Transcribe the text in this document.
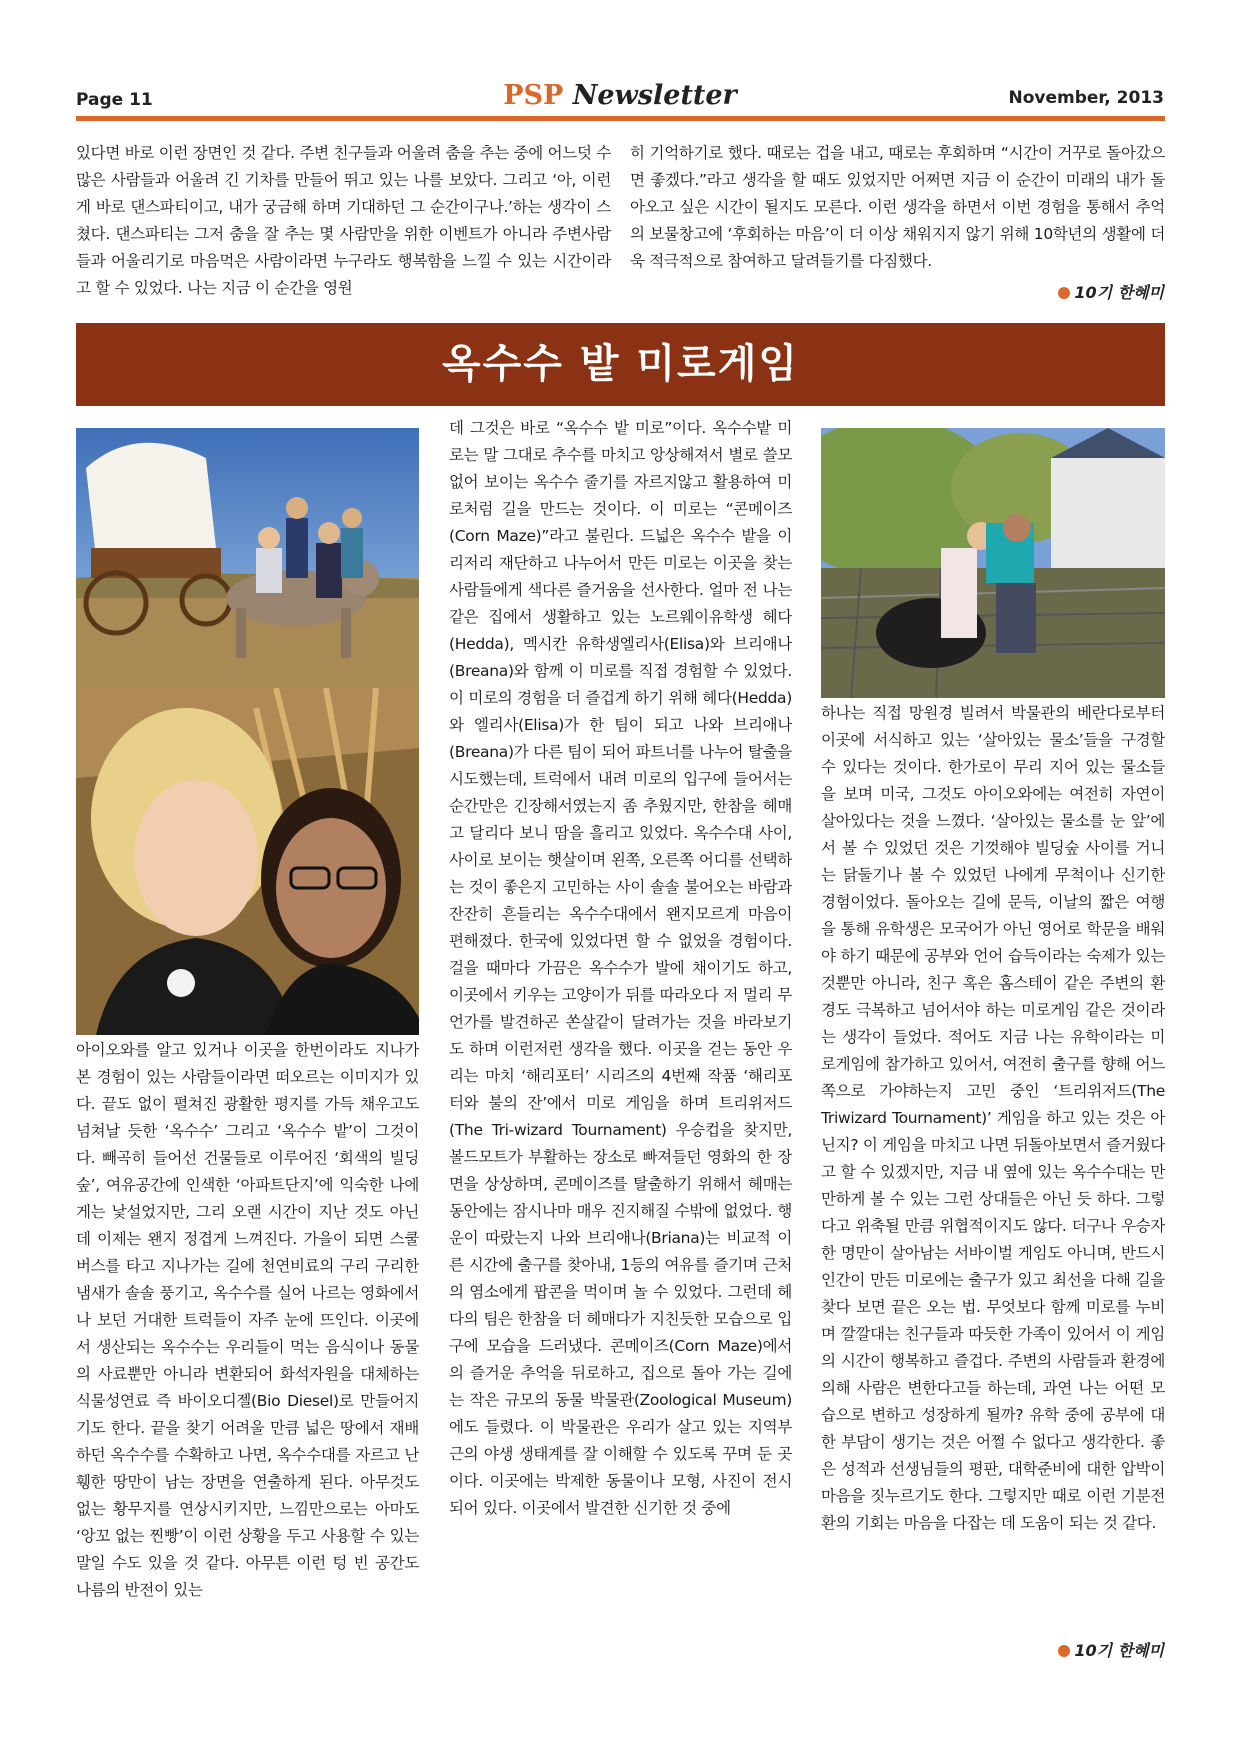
Page 11	PSP Newsletter	November, 2013

있다면 바로 이런 장면인 것 같다. 주변 친구들과 어울려 춤을 추는 중에 어느덧 수많은 사람들과 어울려 긴 기차를 만들어 뛰고 있는 나를 보았다. 그리고 ‘아, 이런 게 바로 댄스파티이고, 내가 궁금해 하며 기대하던 그 순간이구나.’하는 생각이 스쳤다. 댄스파티는 그저 춤을 잘 추는 몇 사람만을 위한 이벤트가 아니라 주변사람들과 어울리기로 마음먹은 사람이라면 누구라도 행복함을 느낄 수 있는 시간이라고 할 수 있었다. 나는 지금 이 순간을 영원

히 기억하기로 했다. 때로는 겁을 내고, 때로는 후회하며 “시간이 거꾸로 돌아갔으면 좋겠다.”라고 생각을 할 때도 있었지만 어쩌면 지금 이 순간이 미래의 내가 돌아오고 싶은 시간이 될지도 모른다. 이런 생각을 하면서 이번 경험을 통해서 추억의 보물창고에 ‘후회하는 마음’이 더 이상 채워지지 않기 위해 10학년의 생활에 더욱 적극적으로 참여하고 달려들기를 다짐했다.

10기 한혜미
옥수수 밭 미로게임

아이오와를 알고 있거나 이곳을 한번이라도 지나가본 경험이 있는 사람들이라면 떠오르는 이미지가 있다. 끝도 없이 펼쳐진 광활한 평지를 가득 채우고도 넘쳐날 듯한 ‘옥수수’ 그리고 ‘옥수수 밭’이 그것이다. 빼곡히 들어선 건물들로 이루어진 ‘회색의 빌딩숲’, 여유공간에 인색한 ‘아파트단지’에 익숙한 나에게는 낯설었지만, 그리 오랜 시간이 지난 것도 아닌데 이제는 왠지 정겹게 느껴진다. 가을이 되면 스쿨버스를 타고 지나가는 길에 천연비료의 구리 구리한 냄새가 솔솔 풍기고, 옥수수를 실어 나르는 영화에서나 보던 거대한 트럭들이 자주 눈에 뜨인다. 이곳에서 생산되는 옥수수는 우리들이 먹는 음식이나 동물의 사료뿐만 아니라 변환되어 화석자원을 대체하는 식물성연료 즉 바이오디젤(Bio Diesel)로 만들어지기도 한다. 끝을 찾기 어려울 만큼 넓은 땅에서 재배하던 옥수수를 수확하고 나면, 옥수수대를 자르고 난 휑한 땅만이 남는 장면을 연출하게 된다. 아무것도 없는 황무지를 연상시키지만, 느낌만으로는 아마도 ‘앙꼬 없는 찐빵’이 이런 상황을 두고 사용할 수 있는 말일 수도 있을 것 같다. 아무튼 이런 텅 빈 공간도 나름의 반전이 있는

데 그것은 바로 “옥수수 밭 미로”이다. 옥수수밭 미로는 말 그대로 추수를 마치고 앙상해져서 별로 쓸모 없어 보이는 옥수수 줄기를 자르지않고 활용하여 미로처럼 길을 만드는 것이다. 이 미로는 “콘메이즈(Corn Maze)”라고 불린다. 드넓은 옥수수 밭을 이리저리 재단하고 나누어서 만든 미로는 이곳을 찾는 사람들에게 색다른 즐거움을 선사한다. 얼마 전 나는 같은 집에서 생활하고 있는 노르웨이유학생 헤다(Hedda), 멕시칸 유학생엘리사(Elisa)와 브리애나(Breana)와 함께 이 미로를 직접 경험할 수 있었다. 이 미로의 경험을 더 즐겁게 하기 위해 헤다(Hedda)와 엘리사(Elisa)가 한 팀이 되고 나와 브리애나(Breana)가 다른 팀이 되어 파트너를 나누어 탈출을 시도했는데, 트럭에서 내려 미로의 입구에 들어서는 순간만은 긴장해서였는지 좀 추웠지만, 한참을 헤매고 달리다 보니 땀을 흘리고 있었다. 옥수수대 사이, 사이로 보이는 햇살이며 왼쪽, 오른쪽 어디를 선택하는 것이 좋은지 고민하는 사이 솔솔 불어오는 바람과 잔잔히 흔들리는 옥수수대에서 왠지모르게 마음이 편해졌다. 한국에 있었다면 할 수 없었을 경험이다. 걸을 때마다 가끔은 옥수수가 발에 채이기도 하고, 이곳에서 키우는 고양이가 뒤를 따라오다 저 멀리 무언가를 발견하곤 쏜살같이 달려가는 것을 바라보기도 하며 이런저런 생각을 했다. 이곳을 걷는 동안 우리는 마치 ‘해리포터’ 시리즈의 4번째 작품 ‘해리포터와 불의 잔’에서 미로 게임을 하며 트리위저드(The Tri-wizard Tournament) 우승컵을 찾지만, 볼드모트가 부활하는 장소로 빠져들던 영화의 한 장면을 상상하며, 콘메이즈를 탈출하기 위해서 헤매는 동안에는 잠시나마 매우 진지해질 수밖에 없었다. 행운이 따랐는지 나와 브리애나(Briana)는 비교적 이른 시간에 출구를 찾아내, 1등의 여유를 즐기며 근처의 염소에게 팝콘을 먹이며 놀 수 있었다. 그런데 헤다의 팀은 한참을 더 헤매다가 지친듯한 모습으로 입구에 모습을 드러냈다. 콘메이즈(Corn Maze)에서의 즐거운 추억을 뒤로하고, 집으로 돌아 가는 길에는 작은 규모의 동물 박물관(Zoological Museum)에도 들렸다. 이 박물관은 우리가 살고 있는 지역부근의 야생 생태계를 잘 이해할 수 있도록 꾸며 둔 곳이다. 이곳에는 박제한 동물이나 모형, 사진이 전시되어 있다. 이곳에서 발견한 신기한 것 중에

하나는 직접 망원경 빌려서 박물관의 베란다로부터 이곳에 서식하고 있는 ‘살아있는 물소’들을 구경할 수 있다는 것이다. 한가로이 무리 지어 있는 물소들을 보며 미국, 그것도 아이오와에는 여전히 자연이 살아있다는 것을 느꼈다. ‘살아있는 물소를 눈 앞’에서 볼 수 있었던 것은 기껏해야 빌딩숲 사이를 거니는 닭둘기나 볼 수 있었던 나에게 무척이나 신기한 경험이었다. 돌아오는 길에 문득, 이날의 짧은 여행을 통해 유학생은 모국어가 아닌 영어로 학문을 배워야 하기 때문에 공부와 언어 습득이라는 숙제가 있는 것뿐만 아니라, 친구 혹은 홈스테이 같은 주변의 환경도 극복하고 넘어서야 하는 미로게임 같은 것이라는 생각이 들었다. 적어도 지금 나는 유학이라는 미로게임에 참가하고 있어서, 여전히 출구를 향해 어느 쪽으로 가야하는지 고민 중인 ‘트리위저드(The Triwizard Tournament)’ 게임을 하고 있는 것은 아닌지? 이 게임을 마치고 나면 뒤돌아보면서 즐거웠다고 할 수 있겠지만, 지금 내 옆에 있는 옥수수대는 만만하게 볼 수 있는 그런 상대들은 아닌 듯 하다. 그렇다고 위축될 만큼 위협적이지도 않다. 더구나 우승자 한 명만이 살아남는 서바이벌 게임도 아니며, 반드시 인간이 만든 미로에는 출구가 있고 최선을 다해 길을 찾다 보면 끝은 오는 법. 무엇보다 함께 미로를 누비며 깔깔대는 친구들과 따듯한 가족이 있어서 이 게임의 시간이 행복하고 즐겁다. 주변의 사람들과 환경에 의해 사람은 변한다고들 하는데, 과연 나는 어떤 모습으로 변하고 성장하게 될까? 유학 중에 공부에 대한 부담이 생기는 것은 어쩔 수 없다고 생각한다. 좋은 성적과 선생님들의 평판, 대학준비에 대한 압박이 마음을 짓누르기도 한다. 그렇지만 때로 이런 기분전환의 기회는 마음을 다잡는 데 도움이 되는 것 같다.

10기 한혜미
